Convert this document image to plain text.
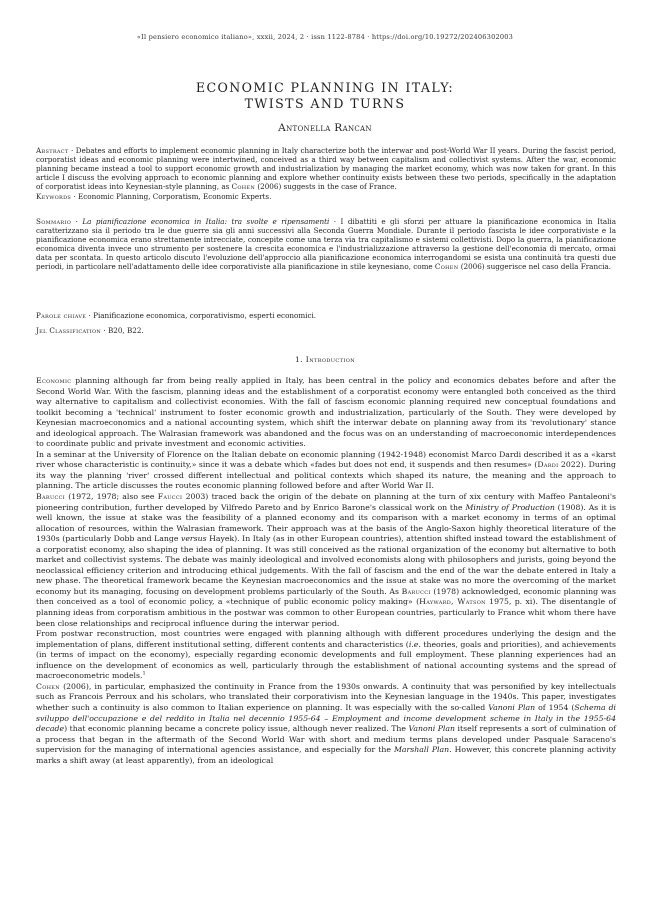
«Il pensiero economico italiano», xxxii, 2024, 2 · issn 1122-8784 · https://doi.org/10.19272/202406302003
ECONOMIC PLANNING IN ITALY:
TWISTS AND TURNS
Antonella Rancan
Abstract · Debates and efforts to implement economic planning in Italy characterize both the interwar and post-World War II years. During the fascist period, corporatist ideas and economic planning were intertwined, conceived as a third way between capitalism and collectivist systems. After the war, economic planning became instead a tool to support economic growth and industrialization by managing the market economy, which was now taken for grant. In this article I discuss the evolving approach to economic planning and explore whether continuity exists between these two periods, specifically in the adaptation of corporatist ideas into Keynesian-style planning, as Cohen (2006) suggests in the case of France.
Keywords · Economic Planning, Corporatism, Economic Experts.
Sommario · La pianificazione economica in Italia: tra svolte e ripensamenti · I dibattiti e gli sforzi per attuare la pianificazione economica in Italia caratterizzano sia il periodo tra le due guerre sia gli anni successivi alla Seconda Guerra Mondiale. Durante il periodo fascista le idee corporativiste e la pianificazione economica erano strettamente intrecciate, concepite come una terza via tra capitalismo e sistemi collettivisti. Dopo la guerra, la pianificazione economica diventa invece uno strumento per sostenere la crescita economica e l'industrializzazione attraverso la gestione dell'economia di mercato, ormai data per scontata. In questo articolo discuto l'evoluzione dell'approccio alla pianificazione economica interrogandomi se esista una continuità tra questi due periodi, in particolare nell'adattamento delle idee corporativiste alla pianificazione in stile keynesiano, come Cohen (2006) suggerisce nel caso della Francia.
Parole chiave · Pianificazione economica, corporativismo, esperti economici.
Jel Classification · B20, B22.
1. Introduction

Economic planning although far from being really applied in Italy, has been central in the policy and economics debates before and after the Second World War. With the fascism, planning ideas and the establishment of a corporatist economy were entangled both conceived as the third way alternative to capitalism and collectivist economies. With the fall of fascism economic planning required new conceptual foundations and toolkit becoming a 'technical' instrument to foster economic growth and industrialization, particularly of the South. They were developed by Keynesian macroeconomics and a national accounting system, which shift the interwar debate on planning away from its 'revolutionary' stance and ideological approach. The Walrasian framework was abandoned and the focus was on an understanding of macroeconomic interdependences to coordinate public and private investment and economic activities.

In a seminar at the University of Florence on the Italian debate on economic planning (1942-1948) economist Marco Dardi described it as a «karst river whose characteristic is continuity,» since it was a debate which «fades but does not end, it suspends and then resumes» (Dardi 2022). During its way the planning 'river' crossed different intellectual and political contexts which shaped its nature, the meaning and the approach to planning. The article discusses the routes economic planning followed before and after World War II.

Barucci (1972, 1978; also see Faucci 2003) traced back the origin of the debate on planning at the turn of xix century with Maffeo Pantaleoni's pioneering contribution, further developed by Vilfredo Pareto and by Enrico Barone's classical work on the Ministry of Production (1908). As it is well known, the issue at stake was the feasibility of a planned economy and its comparison with a market economy in terms of an optimal allocation of resources, within the Walrasian framework. Their approach was at the basis of the Anglo-Saxon highly theoretical literature of the 1930s (particularly Dobb and Lange versus Hayek). In Italy (as in other European countries), attention shifted instead toward the establishment of a corporatist economy, also shaping the idea of planning. It was still conceived as the rational organization of the economy but alternative to both market and collectivist systems. The debate was mainly ideological and involved economists along with philosophers and jurists, going beyond the neoclassical efficiency criterion and introducing ethical judgements. With the fall of fascism and the end of the war the debate entered in Italy a new phase. The theoretical framework became the Keynesian macroeconomics and the issue at stake was no more the overcoming of the market economy but its managing, focusing on development problems particularly of the South. As Barucci (1978) acknowledged, economic planning was then conceived as a tool of economic policy, a «technique of public economic policy making» (Hayward, Watson 1975, p. xi). The disentangle of planning ideas from corporatism ambitious in the postwar was common to other European countries, particularly to France whit whom there have been close relationships and reciprocal influence during the interwar period.

From postwar reconstruction, most countries were engaged with planning although with different procedures underlying the design and the implementation of plans, different institutional setting, different contents and characteristics (i.e. theories, goals and priorities), and achievements (in terms of impact on the economy), especially regarding economic developments and full employment. These planning experiences had an influence on the development of economics as well, particularly through the establishment of national accounting systems and the spread of macroeconometric models.$^1$

Cohen (2006), in particular, emphasized the continuity in France from the 1930s onwards. A continuity that was personified by key intellectuals such as Francois Perroux and his scholars, who translated their corporativism into the Keynesian language in the 1940s. This paper, investigates whether such a continuity is also common to Italian experience on planning. It was especially with the so-called Vanoni Plan of 1954 (Schema di sviluppo dell'occupazione e del reddito in Italia nel decennio 1955-64 – Employment and income development scheme in Italy in the 1955-64 decade) that economic planning became a concrete policy issue, although never realized. The Vanoni Plan itself represents a sort of culmination of a process that began in the aftermath of the Second World War with short and medium terms plans developed under Pasquale Saraceno's supervision for the managing of international agencies assistance, and especially for the Marshall Plan. However, this concrete planning activity marks a shift away (at least apparently), from an ideological
